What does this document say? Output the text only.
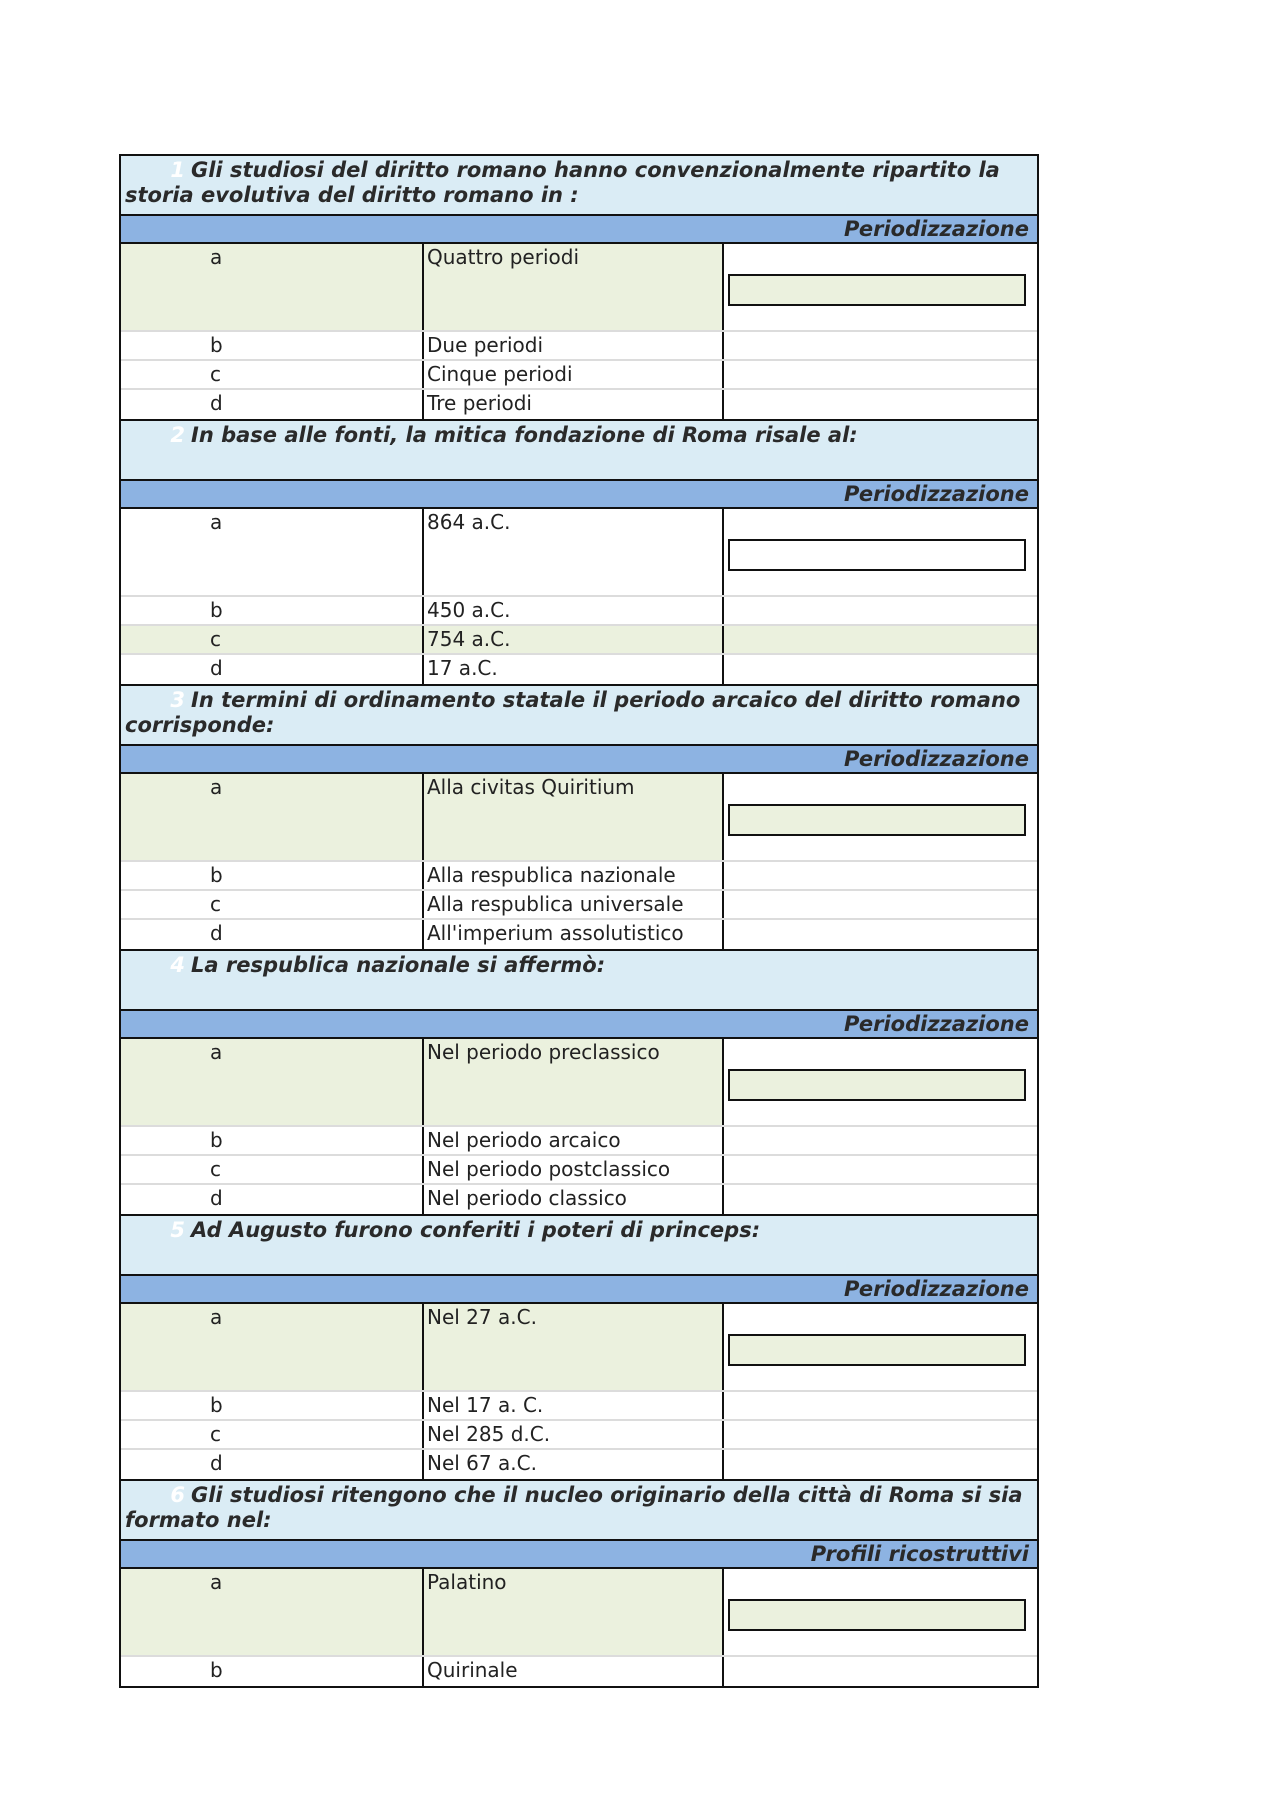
1 Gli studiosi del diritto romano hanno convenzionalmente ripartito la storia evolutiva del diritto romano in :
Periodizzazione
a	Quattro periodi
b	Due periodi
c	Cinque periodi
d	Tre periodi
2 In base alle fonti, la mitica fondazione di Roma risale al:
Periodizzazione
a	864 a.C.
b	450 a.C.
c	754 a.C.
d	17 a.C.
3 In termini di ordinamento statale il periodo arcaico del diritto romano corrisponde:
Periodizzazione
a	Alla civitas Quiritium
b	Alla respublica nazionale
c	Alla respublica universale
d	All'imperium assolutistico
4 La respublica nazionale si affermò:
Periodizzazione
a	Nel periodo preclassico
b	Nel periodo arcaico
c	Nel periodo postclassico
d	Nel periodo classico
5 Ad Augusto furono conferiti i poteri di princeps:
Periodizzazione
a	Nel 27 a.C.
b	Nel 17 a. C.
c	Nel 285 d.C.
d	Nel 67 a.C.
6 Gli studiosi ritengono che il nucleo originario della città di Roma si sia formato nel:
Profili ricostruttivi
a	Palatino
b	Quirinale
